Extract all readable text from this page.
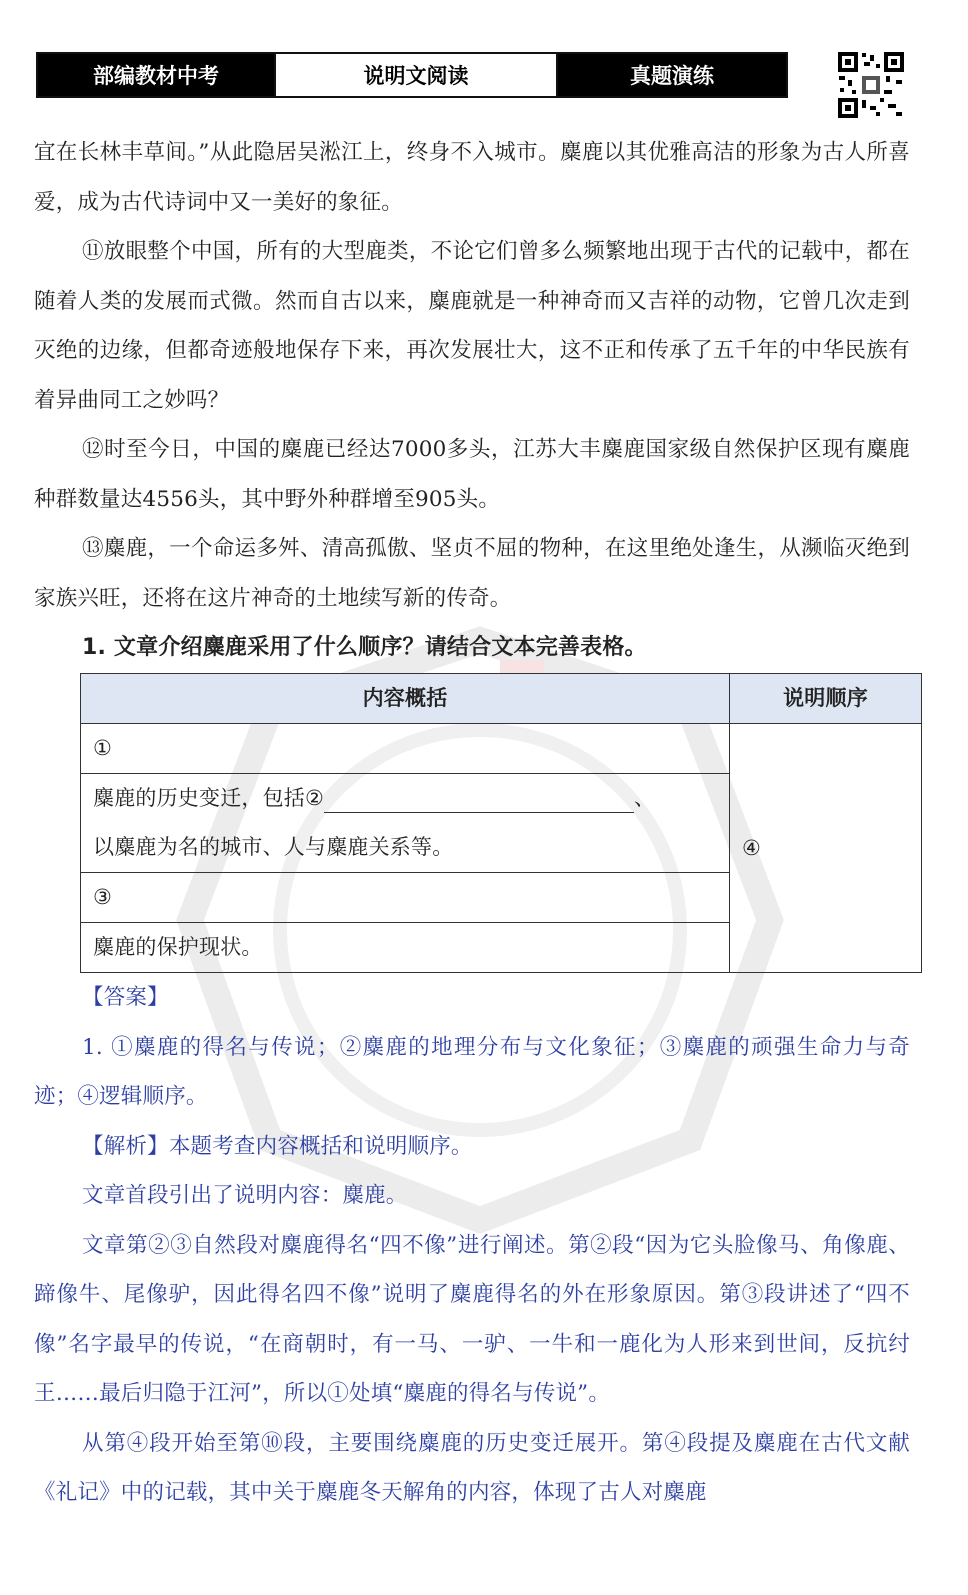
部编教材中考	说明文阅读	真题演练

宜在长林丰草间。”从此隐居吴淞江上，终身不入城市。麋鹿以其优雅高洁的形象为古人所喜爱，成为古代诗词中又一美好的象征。

⑪放眼整个中国，所有的大型鹿类，不论它们曾多么频繁地出现于古代的记载中，都在随着人类的发展而式微。然而自古以来，麋鹿就是一种神奇而又吉祥的动物，它曾几次走到灭绝的边缘，但都奇迹般地保存下来，再次发展壮大，这不正和传承了五千年的中华民族有着异曲同工之妙吗？

⑫时至今日，中国的麋鹿已经达7000多头，江苏大丰麋鹿国家级自然保护区现有麋鹿种群数量达4556头，其中野外种群增至905头。

⑬麋鹿，一个命运多舛、清高孤傲、坚贞不屈的物种，在这里绝处逢生，从濒临灭绝到家族兴旺，还将在这片神奇的土地续写新的传奇。

1. 文章介绍麋鹿采用了什么顺序？请结合文本完善表格。

内容概括	说明顺序
①	④
麋鹿的历史变迁，包括② 、	
以麋鹿为名的城市、人与麋鹿关系等。	
③	
麋鹿的保护现状。	

【答案】

1. ①麋鹿的得名与传说；②麋鹿的地理分布与文化象征；③麋鹿的顽强生命力与奇迹；④逻辑顺序。

【解析】本题考查内容概括和说明顺序。

文章首段引出了说明内容：麋鹿。

文章第②③自然段对麋鹿得名“四不像”进行阐述。第②段“因为它头脸像马、角像鹿、蹄像牛、尾像驴，因此得名四不像”说明了麋鹿得名的外在形象原因。第③段讲述了“四不像”名字最早的传说，“在商朝时，有一马、一驴、一牛和一鹿化为人形来到世间，反抗纣王……最后归隐于江河”，所以①处填“麋鹿的得名与传说”。

从第④段开始至第⑩段，主要围绕麋鹿的历史变迁展开。第④段提及麋鹿在古代文献《礼记》中的记载，其中关于麋鹿冬天解角的内容，体现了古人对麋鹿
